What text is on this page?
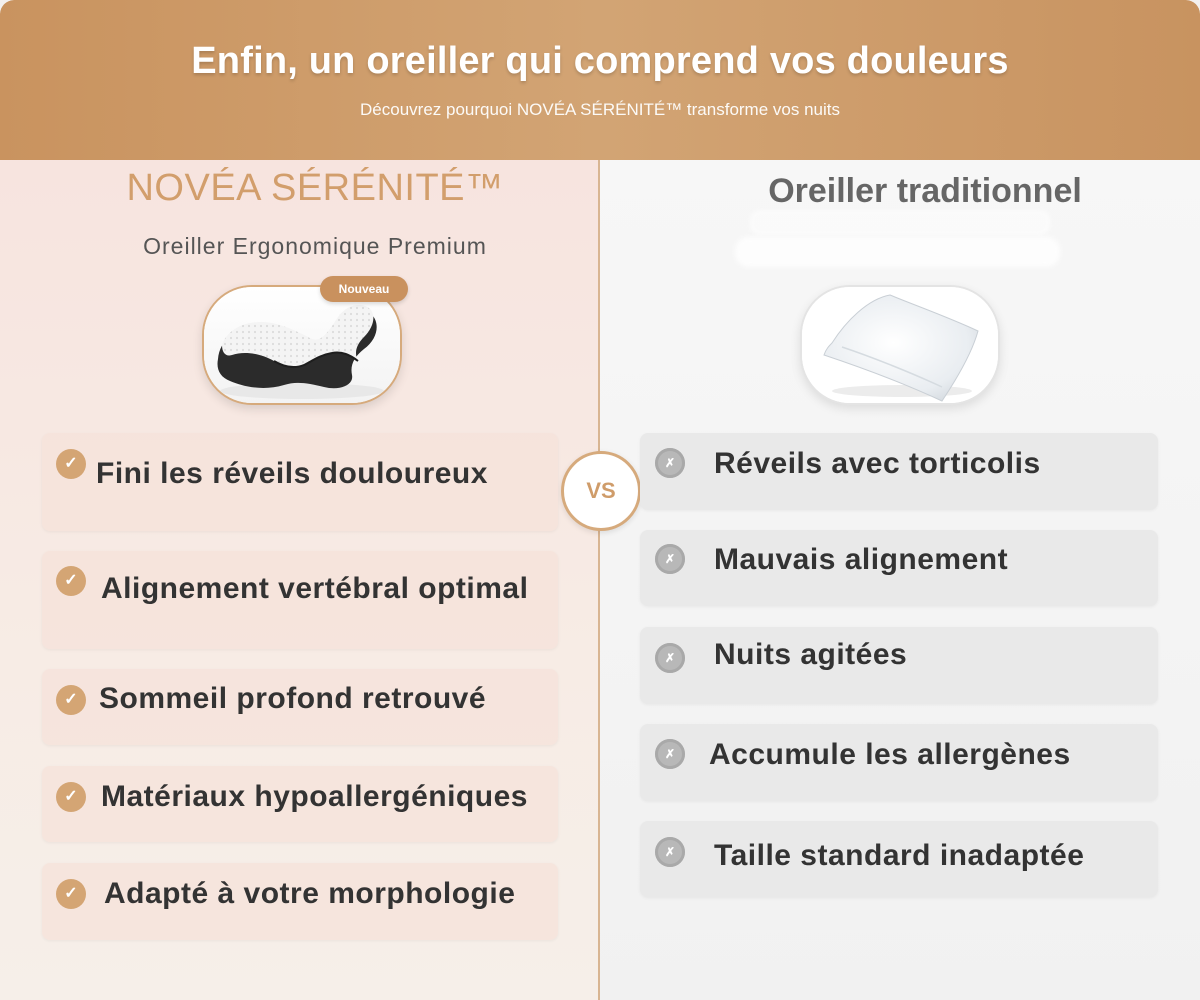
Enfin, un oreiller qui comprend vos douleurs
Découvrez pourquoi NOVÉA SÉRÉNITÉ™ transforme vos nuits
NOVÉA SÉRÉNITÉ™
Oreiller Ergonomique Premium
Oreiller traditionnel
Nouveau
VS
✓ Fini les réveils douloureux
✓ Alignement vertébral optimal
✓ Sommeil profond retrouvé
✓ Matériaux hypoallergéniques
✓ Adapté à votre morphologie
✗	Réveils avec torticolis
✗	Mauvais alignement
✗	Nuits agitées
✗	Accumule les allergènes
✗	Taille standard inadaptée
